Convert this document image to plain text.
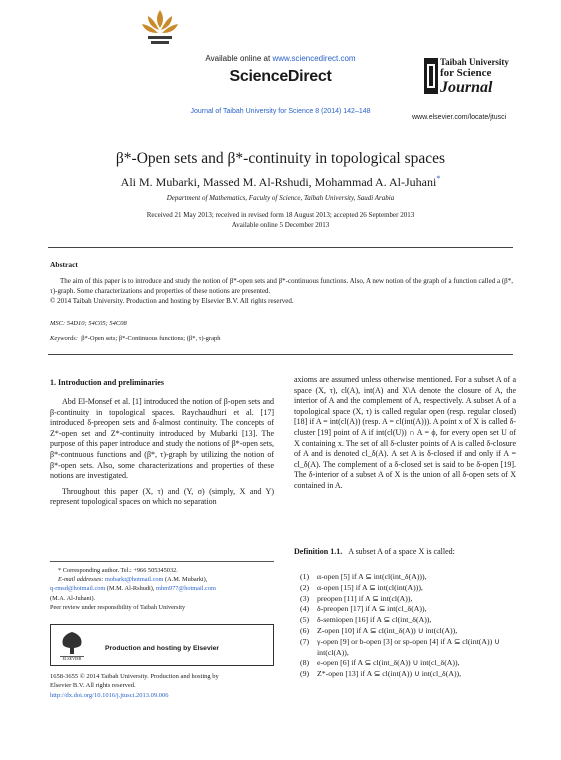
Available online at www.sciencedirect.com
ScienceDirect
Journal of Taibah University for Science 8 (2014) 142–148
Taibah University
for Science
Journal
www.elsevier.com/locate/jtusci
β*-Open sets and β*-continuity in topological spaces
Ali M. Mubarki, Massed M. Al-Rshudi, Mohammad A. Al-Juhani*
Department of Mathematics, Faculty of Science, Taibah University, Saudi Arabia
Received 21 May 2013; received in revised form 18 August 2013; accepted 26 September 2013
Available online 5 December 2013
Abstract
The aim of this paper is to introduce and study the notion of β*-open sets and β*-continuous functions. Also, A new notion of the graph of a function called a (β*, τ)-graph. Some characterizations and properties of these notions are presented.
© 2014 Taibah University. Production and hosting by Elsevier B.V. All rights reserved.
MSC: 54D10; 54C05; 54C08
Keywords: β*-Open sets; β*-Continuous functions; (β*, τ)-graph
1. Introduction and preliminaries

Abd El-Monsef et al. [1] introduced the notion of β-open sets and β-continuity in topological spaces. Raychaudhuri et al. [17] introduced δ-preopen sets and δ-almost continuity. The concepts of Z*-open set and Z*-continuity introduced by Mubarki [13]. The purpose of this paper introduce and study the notions of β*-open sets, β*-contnuous functions and (β*, τ)-graph by utilizing the notion of β*-open sets. Also, some characterizations and properties of these notions are investigated.

Throughout this paper (X, τ) and (Y, σ) (simply, X and Y) represent topological spaces on which no separation

axioms are assumed unless otherwise mentioned. For a subset A of a space (X, τ), cl(A), int(A) and X\A denote the closure of A, the interior of A and the complement of A, respectively. A subset A of a topological space (X, τ) is called regular open (resp. regular closed) [18] if A = int(cl(A)) (resp. A = cl(int(A))). A point x of X is called δ-cluster [19] point of A if int(cl(U)) ∩ A = ϕ, for every open set U of X containing x. The set of all δ-cluster points of A is called δ-closure of A and is denoted cl_δ(A). A set A is δ-closed if and only if A = cl_δ(A). The complement of a δ-closed set is said to be δ-open [19]. The δ-interior of a subset A of X is the union of all δ-open sets of X contained in A.

Definition 1.1. A subset A of a space X is called:
(1)	α-open [5] if A ⊆ int(cl(int_δ(A))),
(2)	α-open [15] if A ⊆ int(cl(int(A))),
(3)	preopen [11] if A ⊆ int(cl(A)),
(4)	δ-preopen [17] if A ⊆ int(cl_δ(A)),
(5)	δ-semiopen [16] if A ⊆ cl(int_δ(A)),
(6)	Z-open [10] if A ⊆ cl(int_δ(A)) ∪ int(cl(A)),
(7)	γ-open [9] or b-open [3] or sp-open [4] if A ⊆ cl(int(A)) ∪ int(cl(A)),
(8)	e-open [6] if A ⊆ cl(int_δ(A)) ∪ int(cl_δ(A)),
(9)	Z*-open [13] if A ⊆ cl(int(A)) ∪ int(cl_δ(A)),
* Corresponding author. Tel.: +966 505345032.
E-mail addresses: mobarki@hotmail.com (A.M. Mubarki),
q-rmsd@hotmail.com (M.M. Al-Rshudi), mhm977@hotmail.com
(M.A. Al-Juhani).
Peer review under responsibility of Taibah University
ELSEVIER
Production and hosting by Elsevier
1658-3655 © 2014 Taibah University. Production and hosting by
Elsevier B.V. All rights reserved.
http://dx.doi.org/10.1016/j.jtusci.2013.09.006
